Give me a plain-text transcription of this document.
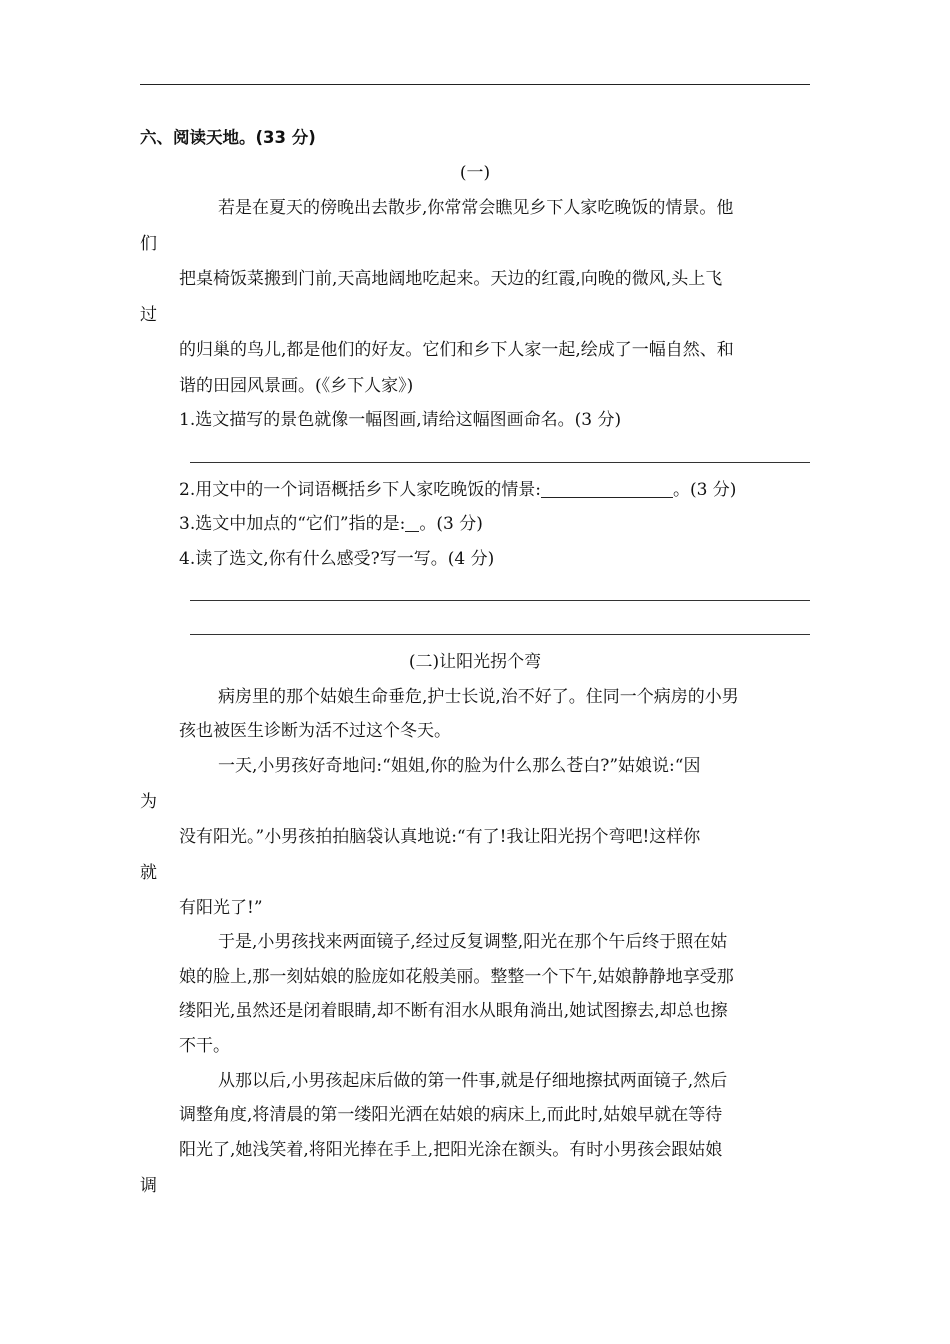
六、阅读天地。(33 分)
(一)
若是在夏天的傍晚出去散步,你常常会瞧见乡下人家吃晚饭的情景。他
们
把桌椅饭菜搬到门前,天高地阔地吃起来。天边的红霞,向晚的微风,头上飞
过
的归巢的鸟儿,都是他们的好友。它们和乡下人家一起,绘成了一幅自然、和
谐的田园风景画。(《乡下人家》)
1.选文描写的景色就像一幅图画,请给这幅图画命名。(3 分)
2.用文中的一个词语概括乡下人家吃晚饭的情景:	。(3 分)
3.选文中加点的“它们”指的是: 。(3 分)
4.读了选文,你有什么感受?写一写。(4 分)
(二)让阳光拐个弯
病房里的那个姑娘生命垂危,护士长说,治不好了。住同一个病房的小男
孩也被医生诊断为活不过这个冬天。
一天,小男孩好奇地问:“姐姐,你的脸为什么那么苍白?”姑娘说:“因
为
没有阳光。”小男孩拍拍脑袋认真地说:“有了!我让阳光拐个弯吧!这样你
就
有阳光了!”
于是,小男孩找来两面镜子,经过反复调整,阳光在那个午后终于照在姑
娘的脸上,那一刻姑娘的脸庞如花般美丽。整整一个下午,姑娘静静地享受那
缕阳光,虽然还是闭着眼睛,却不断有泪水从眼角淌出,她试图擦去,却总也擦
不干。
从那以后,小男孩起床后做的第一件事,就是仔细地擦拭两面镜子,然后
调整角度,将清晨的第一缕阳光洒在姑娘的病床上,而此时,姑娘早就在等待
阳光了,她浅笑着,将阳光捧在手上,把阳光涂在额头。有时小男孩会跟姑娘
调
